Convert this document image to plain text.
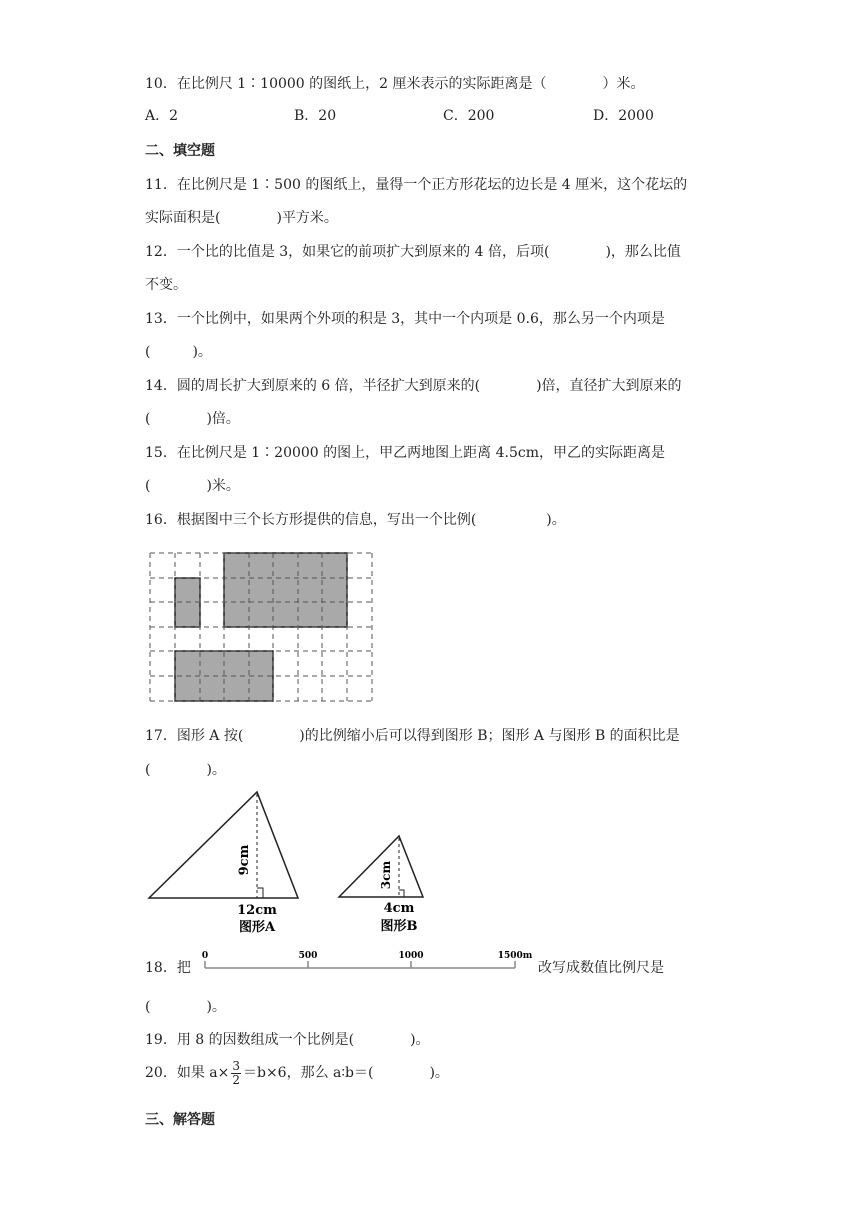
10．在比例尺 1∶10000 的图纸上，2 厘米表示的实际距离是（　　　　）米。
A．2	B．20	C．200	D．2000
二、填空题
11．在比例尺是 1∶500 的图纸上，量得一个正方形花坛的边长是 4 厘米，这个花坛的
实际面积是(　　　　)平方米。
12．一个比的比值是 3，如果它的前项扩大到原来的 4 倍，后项(　　　　)，那么比值
不变。
13．一个比例中，如果两个外项的积是 3，其中一个内项是 0.6，那么另一个内项是
(　　　)。
14．圆的周长扩大到原来的 6 倍，半径扩大到原来的(　　　　)倍，直径扩大到原来的
(　　　　)倍。
15．在比例尺是 1∶20000 的图上，甲乙两地图上距离 4.5cm，甲乙的实际距离是
(　　　　)米。
16．根据图中三个长方形提供的信息，写出一个比例(　　　　　)。
17．图形 A 按(　　　　)的比例缩小后可以得到图形 B；图形 A 与图形 B 的面积比是
(　　　　)。
9cm
12cm
图形A
3cm
4cm
图形B
18．把
0	500	1000	1500m
改写成数值比例尺是
(　　　　)。
19．用 8 的因数组成一个比例是(　　　　)。
20．如果 $a\times \frac{3}{2} =b\times 6$，那么 a∶b＝(　　　　)。
三、解答题
